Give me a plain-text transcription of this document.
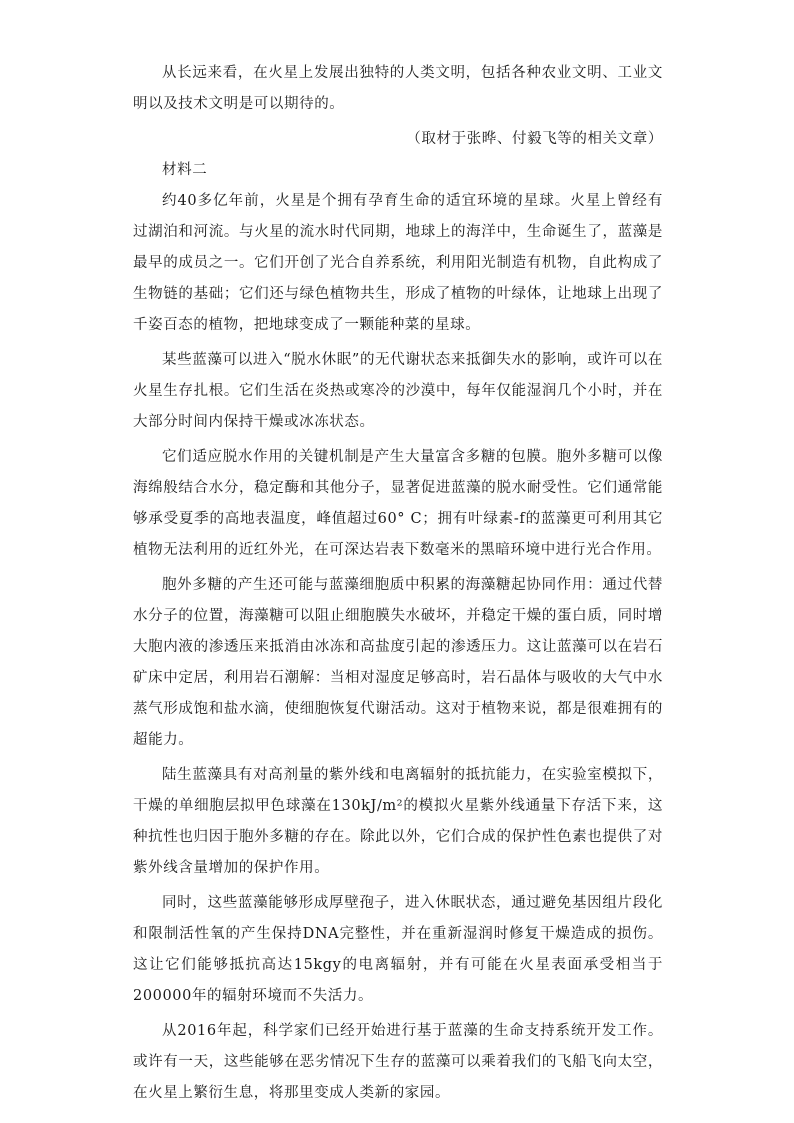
从长远来看，在火星上发展出独特的人类文明，包括各种农业文明、工业文明以及技术文明是可以期待的。

（取材于张晔、付毅飞等的相关文章）

材料二

约40多亿年前，火星是个拥有孕育生命的适宜环境的星球。火星上曾经有过湖泊和河流。与火星的流水时代同期，地球上的海洋中，生命诞生了，蓝藻是最早的成员之一。它们开创了光合自养系统，利用阳光制造有机物，自此构成了生物链的基础；它们还与绿色植物共生，形成了植物的叶绿体，让地球上出现了千姿百态的植物，把地球变成了一颗能种菜的星球。

某些蓝藻可以进入“脱水休眠”的无代谢状态来抵御失水的影响，或许可以在火星生存扎根。它们生活在炎热或寒冷的沙漠中，每年仅能湿润几个小时，并在大部分时间内保持干燥或冰冻状态。

它们适应脱水作用的关键机制是产生大量富含多糖的包膜。胞外多糖可以像海绵般结合水分，稳定酶和其他分子，显著促进蓝藻的脱水耐受性。它们通常能够承受夏季的高地表温度，峰值超过60° C；拥有叶绿素-f的蓝藻更可利用其它植物无法利用的近红外光，在可深达岩表下数毫米的黑暗环境中进行光合作用。

胞外多糖的产生还可能与蓝藻细胞质中积累的海藻糖起协同作用：通过代替水分子的位置，海藻糖可以阻止细胞膜失水破坏，并稳定干燥的蛋白质，同时增大胞内液的渗透压来抵消由冰冻和高盐度引起的渗透压力。这让蓝藻可以在岩石矿床中定居，利用岩石潮解：当相对湿度足够高时，岩石晶体与吸收的大气中水蒸气形成饱和盐水滴，使细胞恢复代谢活动。这对于植物来说，都是很难拥有的超能力。

陆生蓝藻具有对高剂量的紫外线和电离辐射的抵抗能力，在实验室模拟下，干燥的单细胞层拟甲色球藻在130kJ/m²的模拟火星紫外线通量下存活下来，这种抗性也归因于胞外多糖的存在。除此以外，它们合成的保护性色素也提供了对紫外线含量增加的保护作用。

同时，这些蓝藻能够形成厚壁孢子，进入休眠状态，通过避免基因组片段化和限制活性氧的产生保持DNA完整性，并在重新湿润时修复干燥造成的损伤。这让它们能够抵抗高达15kgy的电离辐射，并有可能在火星表面承受相当于200000年的辐射环境而不失活力。

从2016年起，科学家们已经开始进行基于蓝藻的生命支持系统开发工作。或许有一天，这些能够在恶劣情况下生存的蓝藻可以乘着我们的飞船飞向太空，在火星上繁衍生息，将那里变成人类新的家园。
